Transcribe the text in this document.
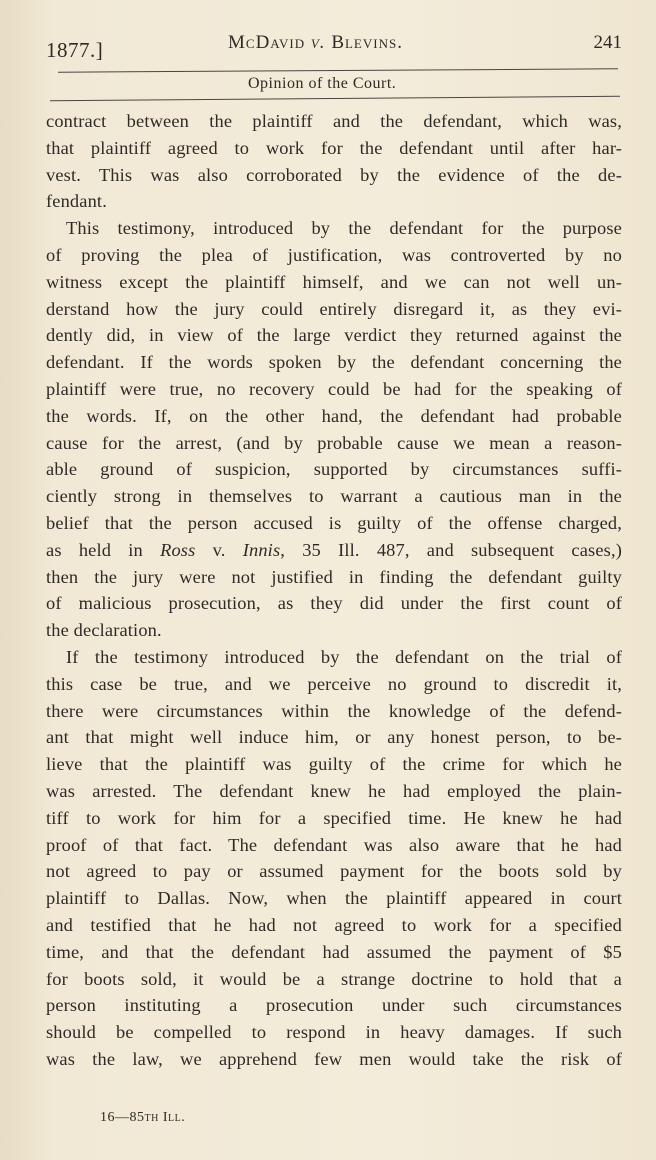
1877.]	McDavid v. Blevins.	241
Opinion of the Court.
contract between the plaintiff and the defendant, which was,
that plaintiff agreed to work for the defendant until after har-
vest. This was also corroborated by the evidence of the de-
fendant.
This testimony, introduced by the defendant for the purpose
of proving the plea of justification, was controverted by no
witness except the plaintiff himself, and we can not well un-
derstand how the jury could entirely disregard it, as they evi-
dently did, in view of the large verdict they returned against the
defendant. If the words spoken by the defendant concerning the
plaintiff were true, no recovery could be had for the speaking of
the words. If, on the other hand, the defendant had probable
cause for the arrest, (and by probable cause we mean a reason-
able ground of suspicion, supported by circumstances suffi-
ciently strong in themselves to warrant a cautious man in the
belief that the person accused is guilty of the offense charged,
as held in Ross v. Innis, 35 Ill. 487, and subsequent cases,)
then the jury were not justified in finding the defendant guilty
of malicious prosecution, as they did under the first count of
the declaration.
If the testimony introduced by the defendant on the trial of
this case be true, and we perceive no ground to discredit it,
there were circumstances within the knowledge of the defend-
ant that might well induce him, or any honest person, to be-
lieve that the plaintiff was guilty of the crime for which he
was arrested. The defendant knew he had employed the plain-
tiff to work for him for a specified time. He knew he had
proof of that fact. The defendant was also aware that he had
not agreed to pay or assumed payment for the boots sold by
plaintiff to Dallas. Now, when the plaintiff appeared in court
and testified that he had not agreed to work for a specified
time, and that the defendant had assumed the payment of $5
for boots sold, it would be a strange doctrine to hold that a
person instituting a prosecution under such circumstances
should be compelled to respond in heavy damages. If such
was the law, we apprehend few men would take the risk of
16—85th Ill.
